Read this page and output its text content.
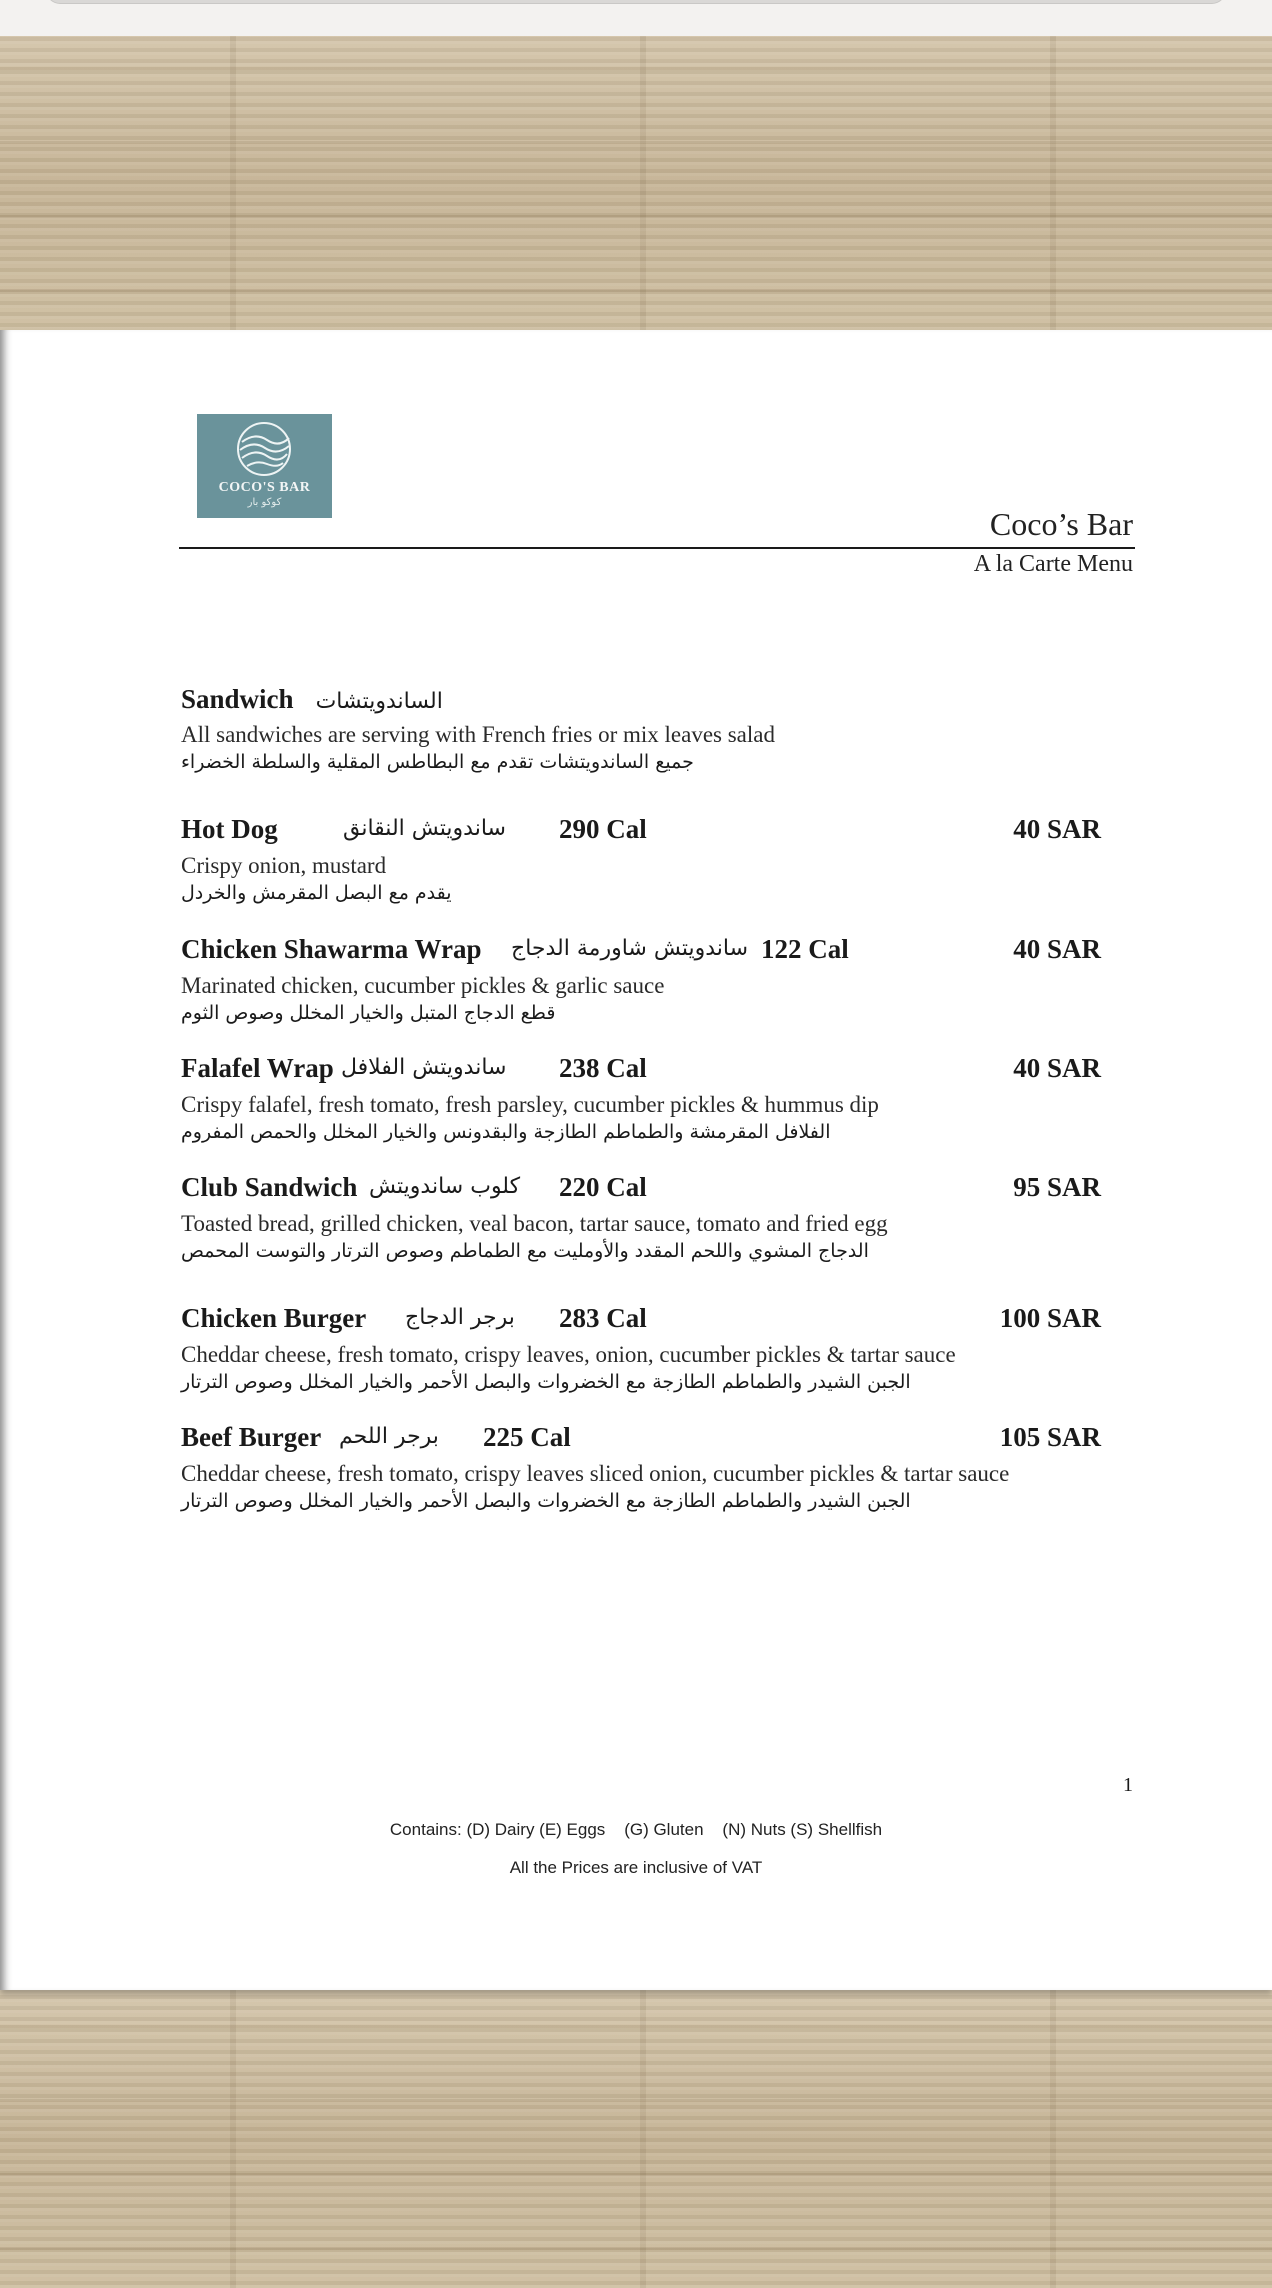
COCO'S BAR
كوكو بار
Coco’s Bar
A la Carte Menu
Sandwich الساندويتشات
All sandwiches are serving with French fries or mix leaves salad
جميع الساندويتشات تقدم مع البطاطس المقلية والسلطة الخضراء
Hot Dog	ساندويتش النقانق 290 Cal	40 SAR
Crispy onion, mustard
يقدم مع البصل المقرمش والخردل
Chicken Shawarma Wrap ساندويتش شاورمة الدجاج 122 Cal	40 SAR
Marinated chicken, cucumber pickles & garlic sauce
قطع الدجاج المتبل والخيار المخلل وصوص الثوم
Falafel Wrap ساندويتش الفلافل 238 Cal	40 SAR
Crispy falafel, fresh tomato, fresh parsley, cucumber pickles & hummus dip
الفلافل المقرمشة والطماطم الطازجة والبقدونس والخيار المخلل والحمص المفروم
Club Sandwich كلوب ساندويتش 220 Cal	95 SAR
Toasted bread, grilled chicken, veal bacon, tartar sauce, tomato and fried egg
الدجاج المشوي واللحم المقدد والأومليت مع الطماطم وصوص الترتار والتوست المحمص
Chicken Burger برجر الدجاج 283 Cal	100 SAR
Cheddar cheese, fresh tomato, crispy leaves, onion, cucumber pickles & tartar sauce
الجبن الشيدر والطماطم الطازجة مع الخضروات والبصل الأحمر والخيار المخلل وصوص الترتار
Beef Burger برجر اللحم 225 Cal	105 SAR
Cheddar cheese, fresh tomato, crispy leaves sliced onion, cucumber pickles & tartar sauce
الجبن الشيدر والطماطم الطازجة مع الخضروات والبصل الأحمر والخيار المخلل وصوص الترتار
1
Contains: (D) Dairy (E) Eggs    (G) Gluten    (N) Nuts (S) Shellfish
All the Prices are inclusive of VAT
